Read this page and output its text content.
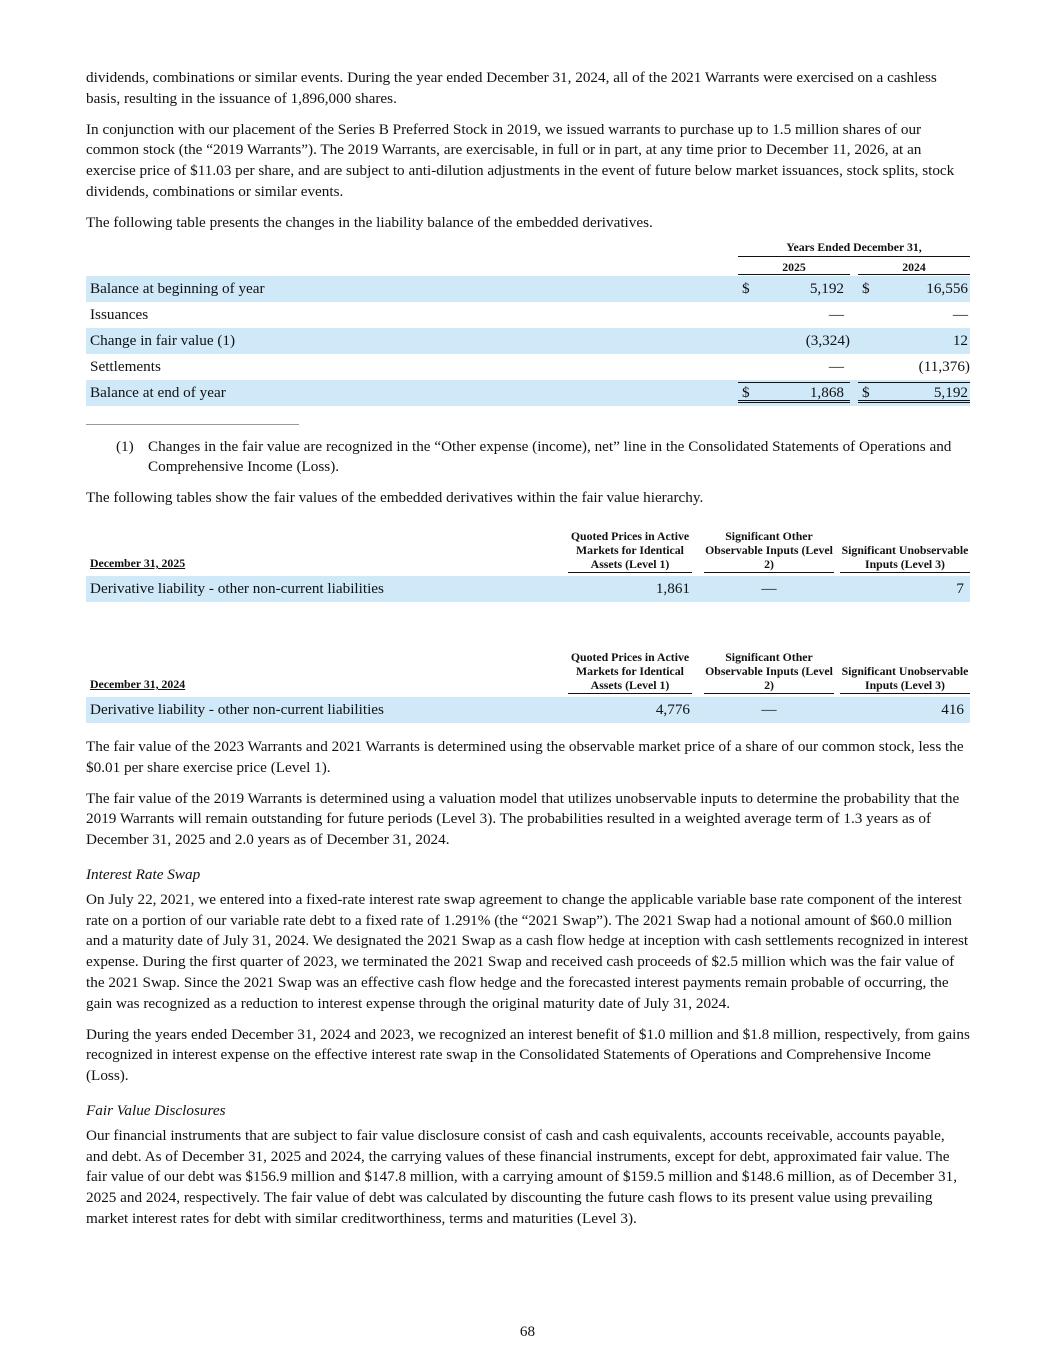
dividends, combinations or similar events. During the year ended December 31, 2024, all of the 2021 Warrants were exercised on a cashless basis, resulting in the issuance of 1,896,000 shares.

In conjunction with our placement of the Series B Preferred Stock in 2019, we issued warrants to purchase up to 1.5 million shares of our common stock (the “2019 Warrants”). The 2019 Warrants, are exercisable, in full or in part, at any time prior to December 11, 2026, at an exercise price of $11.03 per share, and are subject to anti-dilution adjustments in the event of future below market issuances, stock splits, stock dividends, combinations or similar events.

The following table presents the changes in the liability balance of the embedded derivatives.

Years Ended December 31,
2025	2024
Balance at beginning of year	$	5,192 $	16,556
Issuances	—	—
Change in fair value (1)	(3,324)	12
Settlements	—	(11,376)
Balance at end of year	$	1,868 $	5,192
(1) Changes in the fair value are recognized in the “Other expense (income), net” line in the Consolidated Statements of Operations and Comprehensive Income (Loss).

The following tables show the fair values of the embedded derivatives within the fair value hierarchy.

December 31, 2025
Quoted Prices in Active Markets for Identical Assets (Level 1)
Significant Other Observable Inputs (Level 2)
Significant Unobservable Inputs (Level 3)
Derivative liability - other non-current liabilities	1,861	—	7
December 31, 2024
Quoted Prices in Active Markets for Identical Assets (Level 1)
Significant Other Observable Inputs (Level 2)
Significant Unobservable Inputs (Level 3)
Derivative liability - other non-current liabilities	4,776	—	416

The fair value of the 2023 Warrants and 2021 Warrants is determined using the observable market price of a share of our common stock, less the $0.01 per share exercise price (Level 1).

The fair value of the 2019 Warrants is determined using a valuation model that utilizes unobservable inputs to determine the probability that the 2019 Warrants will remain outstanding for future periods (Level 3). The probabilities resulted in a weighted average term of 1.3 years as of December 31, 2025 and 2.0 years as of December 31, 2024.

Interest Rate Swap

On July 22, 2021, we entered into a fixed-rate interest rate swap agreement to change the applicable variable base rate component of the interest rate on a portion of our variable rate debt to a fixed rate of 1.291% (the “2021 Swap”). The 2021 Swap had a notional amount of $60.0 million and a maturity date of July 31, 2024. We designated the 2021 Swap as a cash flow hedge at inception with cash settlements recognized in interest expense. During the first quarter of 2023, we terminated the 2021 Swap and received cash proceeds of $2.5 million which was the fair value of the 2021 Swap. Since the 2021 Swap was an effective cash flow hedge and the forecasted interest payments remain probable of occurring, the gain was recognized as a reduction to interest expense through the original maturity date of July 31, 2024.

During the years ended December 31, 2024 and 2023, we recognized an interest benefit of $1.0 million and $1.8 million, respectively, from gains recognized in interest expense on the effective interest rate swap in the Consolidated Statements of Operations and Comprehensive Income (Loss).

Fair Value Disclosures

Our financial instruments that are subject to fair value disclosure consist of cash and cash equivalents, accounts receivable, accounts payable, and debt. As of December 31, 2025 and 2024, the carrying values of these financial instruments, except for debt, approximated fair value. The fair value of our debt was $156.9 million and $147.8 million, with a carrying amount of $159.5 million and $148.6 million, as of December 31, 2025 and 2024, respectively. The fair value of debt was calculated by discounting the future cash flows to its present value using prevailing market interest rates for debt with similar creditworthiness, terms and maturities (Level 3).

68
